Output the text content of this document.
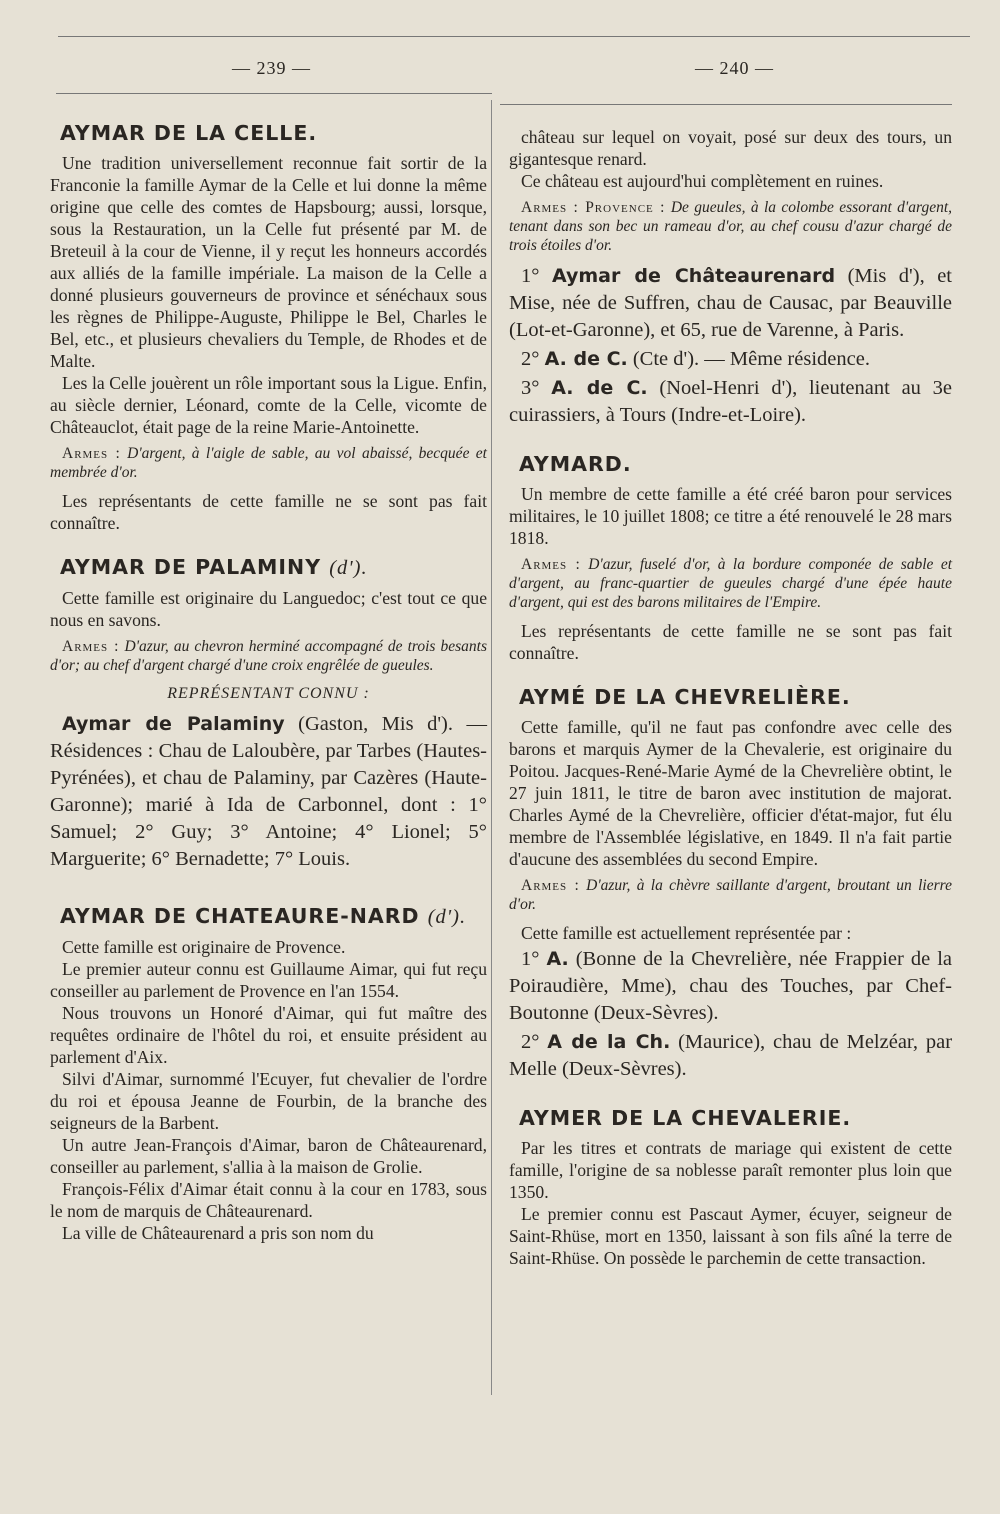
— 239 —	— 240 —
AYMAR DE LA CELLE.

Une tradition universellement reconnue fait sortir de la Franconie la famille Aymar de la Celle et lui donne la même origine que celle des comtes de Hapsbourg; aussi, lorsque, sous la Restauration, un la Celle fut présenté par M. de Breteuil à la cour de Vienne, il y reçut les honneurs accordés aux alliés de la famille impériale. La maison de la Celle a donné plusieurs gouverneurs de province et sénéchaux sous les règnes de Philippe-Auguste, Philippe le Bel, Charles le Bel, etc., et plusieurs chevaliers du Temple, de Rhodes et de Malte.

Les la Celle jouèrent un rôle important sous la Ligue. Enfin, au siècle dernier, Léonard, comte de la Celle, vicomte de Châteauclot, était page de la reine Marie-Antoinette.

Armes : D'argent, à l'aigle de sable, au vol abaissé, becquée et membrée d'or.

Les représentants de cette famille ne se sont pas fait connaître.

AYMAR DE PALAMINY (d').

Cette famille est originaire du Languedoc; c'est tout ce que nous en savons.

Armes : D'azur, au chevron herminé accompagné de trois besants d'or; au chef d'argent chargé d'une croix engrêlée de gueules.

REPRÉSENTANT CONNU :

Aymar de Palaminy (Gaston, Mis d'). — Résidences : Chau de Laloubère, par Tarbes (Hautes-Pyrénées), et chau de Palaminy, par Cazères (Haute-Garonne); marié à Ida de Carbonnel, dont : 1° Samuel; 2° Guy; 3° Antoine; 4° Lionel; 5° Marguerite; 6° Bernadette; 7° Louis.

AYMAR DE CHATEAURE-NARD (d').

Cette famille est originaire de Provence.

Le premier auteur connu est Guillaume Aimar, qui fut reçu conseiller au parlement de Provence en l'an 1554.

Nous trouvons un Honoré d'Aimar, qui fut maître des requêtes ordinaire de l'hôtel du roi, et ensuite président au parlement d'Aix.

Silvi d'Aimar, surnommé l'Ecuyer, fut chevalier de l'ordre du roi et épousa Jeanne de Fourbin, de la branche des seigneurs de la Barbent.

Un autre Jean-François d'Aimar, baron de Châteaurenard, conseiller au parlement, s'allia à la maison de Grolie.

François-Félix d'Aimar était connu à la cour en 1783, sous le nom de marquis de Châteaurenard.

La ville de Châteaurenard a pris son nom du

château sur lequel on voyait, posé sur deux des tours, un gigantesque renard.

Ce château est aujourd'hui complètement en ruines.

Armes : Provence : De gueules, à la colombe essorant d'argent, tenant dans son bec un rameau d'or, au chef cousu d'azur chargé de trois étoiles d'or.

1° Aymar de Châteaurenard (Mis d'), et Mise, née de Suffren, chau de Causac, par Beauville (Lot-et-Garonne), et 65, rue de Varenne, à Paris.

2° A. de C. (Cte d'). — Même résidence.

3° A. de C. (Noel-Henri d'), lieutenant au 3e cuirassiers, à Tours (Indre-et-Loire).

AYMARD.

Un membre de cette famille a été créé baron pour services militaires, le 10 juillet 1808; ce titre a été renouvelé le 28 mars 1818.

Armes : D'azur, fuselé d'or, à la bordure componée de sable et d'argent, au franc-quartier de gueules chargé d'une épée haute d'argent, qui est des barons militaires de l'Empire.

Les représentants de cette famille ne se sont pas fait connaître.

AYMÉ DE LA CHEVRELIÈRE.

Cette famille, qu'il ne faut pas confondre avec celle des barons et marquis Aymer de la Chevalerie, est originaire du Poitou. Jacques-René-Marie Aymé de la Chevrelière obtint, le 27 juin 1811, le titre de baron avec institution de majorat. Charles Aymé de la Chevrelière, officier d'état-major, fut élu membre de l'Assemblée législative, en 1849. Il n'a fait partie d'aucune des assemblées du second Empire.

Armes : D'azur, à la chèvre saillante d'argent, broutant un lierre d'or.

Cette famille est actuellement représentée par :

1° A. (Bonne de la Chevrelière, née Frappier de la Poiraudière, Mme), chau des Touches, par Chef-Boutonne (Deux-Sèvres).

2° A de la Ch. (Maurice), chau de Melzéar, par Melle (Deux-Sèvres).

AYMER DE LA CHEVALERIE.

Par les titres et contrats de mariage qui existent de cette famille, l'origine de sa noblesse paraît remonter plus loin que 1350.

Le premier connu est Pascaut Aymer, écuyer, seigneur de Saint-Rhüse, mort en 1350, laissant à son fils aîné la terre de Saint-Rhüse. On possède le parchemin de cette transaction.
